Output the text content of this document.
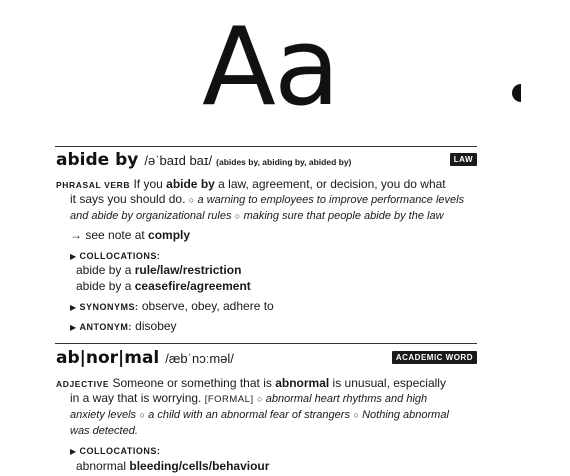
Aa
abide by /əˈbaɪd baɪ/ (abides by, abiding by, abided by)	LAW
PHRASAL VERB If you abide by a law, agreement, or decision, you do what
it says you should do. ○ a warning to employees to improve performance levels
and abide by organizational rules ○ making sure that people abide by the law
→ see note at comply
▶ COLLOCATIONS:
abide by a rule/law/restriction
abide by a ceasefire/agreement
▶ SYNONYMS: observe, obey, adhere to
▶ ANTONYM: disobey
ab|nor|mal /æbˈnɔːməl/	ACADEMIC WORD
ADJECTIVE Someone or something that is abnormal is unusual, especially
in a way that is worrying. [FORMAL] ○ abnormal heart rhythms and high
anxiety levels ○ a child with an abnormal fear of strangers ○ Nothing abnormal
was detected.
▶ COLLOCATIONS:
abnormal bleeding/cells/behaviour
